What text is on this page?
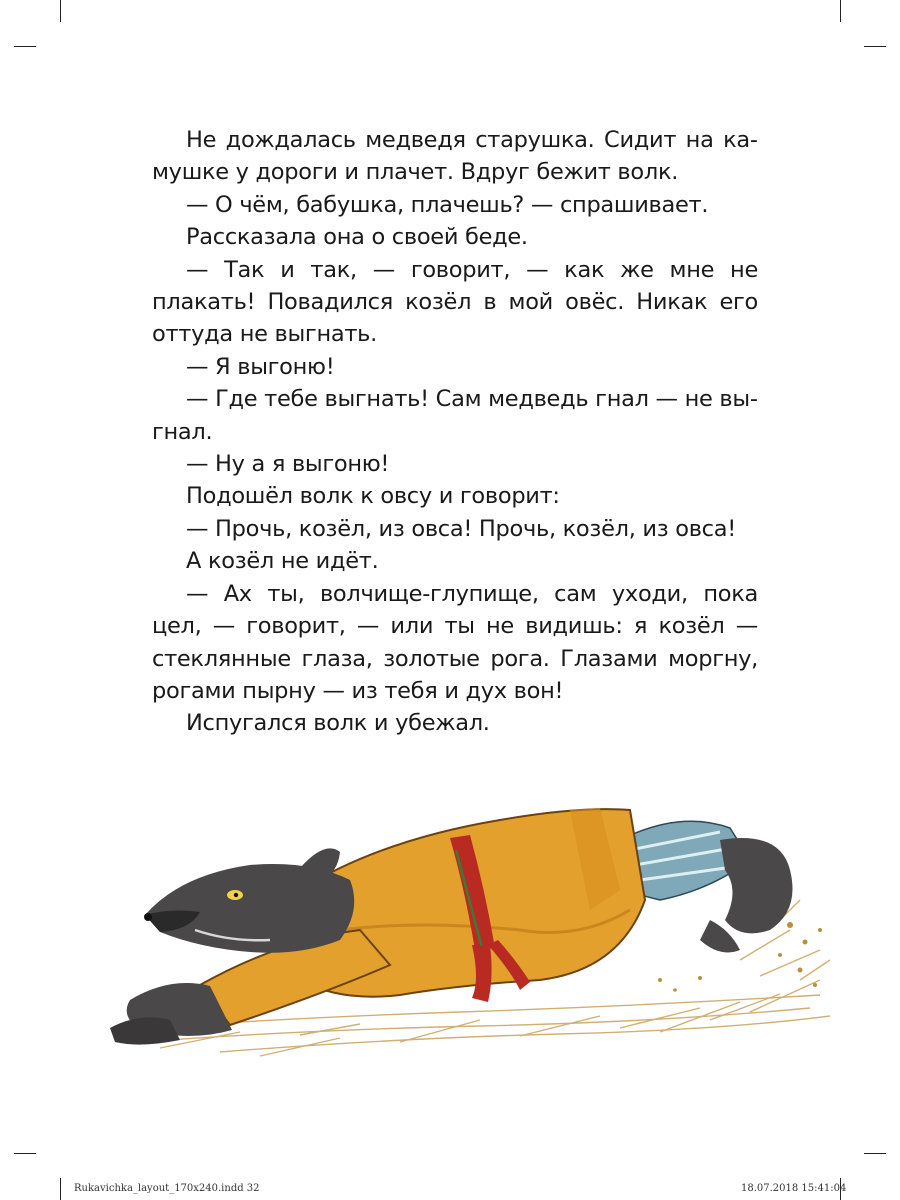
Не дождалась медведя старушка. Сидит на камушке у дороги и плачет. Вдруг бежит волк.

— О чём, бабушка, плачешь? — спрашивает.

Рассказала она о своей беде.

— Так и так, — говорит, — как же мне не плакать! Повадился козёл в мой овёс. Никак его оттуда не выгнать.

— Я выгоню!

— Где тебе выгнать! Сам медведь гнал — не выгнал.

— Ну а я выгоню!

Подошёл волк к овсу и говорит:

— Прочь, козёл, из овса! Прочь, козёл, из овса!

А козёл не идёт.

— Ах ты, волчище-глупище, сам уходи, пока цел, — говорит, — или ты не видишь: я козёл — стеклянные глаза, золотые рога. Глазами моргну, рогами пырну — из тебя и дух вон!

Испугался волк и убежал.

Rukavichka_layout_170x240.indd 32	18.07.2018 15:41:04
